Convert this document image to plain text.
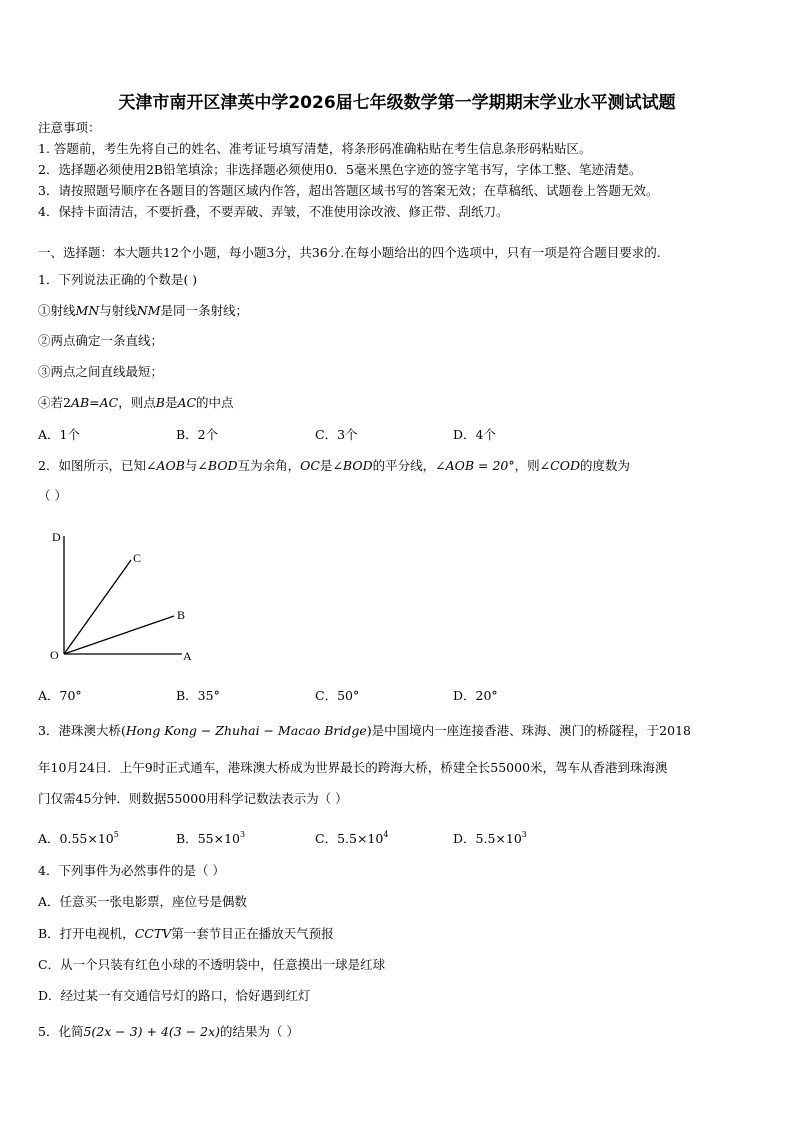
天津市南开区津英中学2026届七年级数学第一学期期末学业水平测试试题
注意事项：
1. 答题前，考生先将自己的姓名、准考证号填写清楚，将条形码准确粘贴在考生信息条形码粘贴区。
2．选择题必须使用2B铅笔填涂；非选择题必须使用0．5毫米黑色字迹的签字笔书写，字体工整、笔迹清楚。
3．请按照题号顺序在各题目的答题区域内作答，超出答题区域书写的答案无效；在草稿纸、试题卷上答题无效。
4．保持卡面清洁，不要折叠，不要弄破、弄皱，不准使用涂改液、修正带、刮纸刀。
一、选择题：本大题共12个小题，每小题3分，共36分.在每小题给出的四个选项中，只有一项是符合题目要求的.
1．下列说法正确的个数是( )
①射线MN与射线NM是同一条射线；
②两点确定一条直线；
③两点之间直线最短；
④若2AB=AC，则点B是AC的中点
A．1个	B．2个	C．3个	D．4个
2．如图所示，已知∠AOB与∠BOD互为余角，OC是∠BOD的平分线，∠AOB = 20°，则∠COD的度数为
（ ）
D
C
B
O	A
A．70°	B．35°	C．50°	D．20°
3．港珠澳大桥(Hong Kong − Zhuhai − Macao Bridge)是中国境内一座连接香港、珠海、澳门的桥隧程，于2018
年10月24日．上午9时正式通车，港珠澳大桥成为世界最长的跨海大桥，桥建全长55000米，驾车从香港到珠海澳
门仅需45分钟．则数据55000用科学记数法表示为（ ）
A．$0.55\times 10^5$	B．$55\times 10^3$	C．$5.5\times 10^4$	D．$5.5\times 10^3$
4．下列事件为必然事件的是（ ）
A．任意买一张电影票，座位号是偶数
B．打开电视机，CCTV第一套节目正在播放天气预报
C．从一个只装有红色小球的不透明袋中，任意摸出一球是红球
D．经过某一有交通信号灯的路口，恰好遇到红灯
5．化简5(2x − 3) + 4(3 − 2x)的结果为（ ）
